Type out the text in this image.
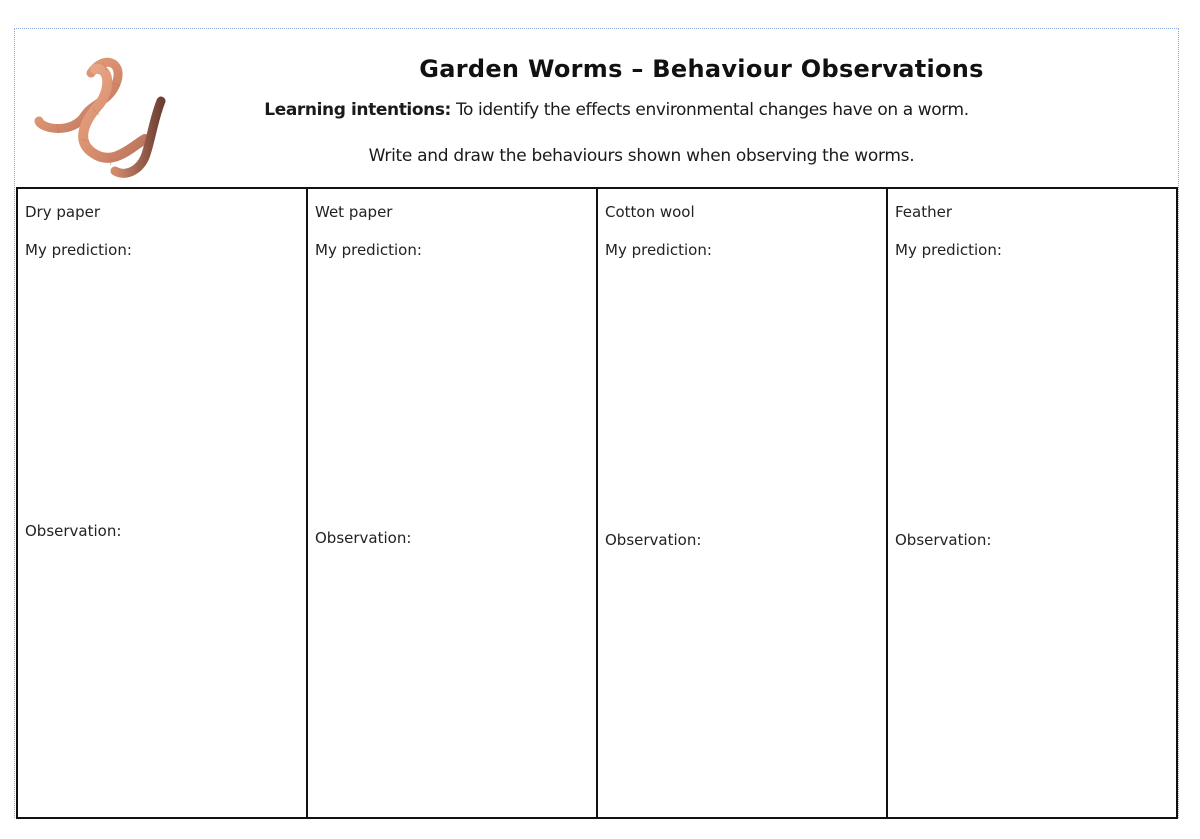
Garden Worms – Behaviour Observations
Learning intentions: To identify the effects environmental changes have on a worm.
Write and draw the behaviours shown when observing the worms.
Dry paper
My prediction:
Observation:
Wet paper
My prediction:
Observation:
Cotton wool
My prediction:
Observation:
Feather
My prediction:
Observation:
